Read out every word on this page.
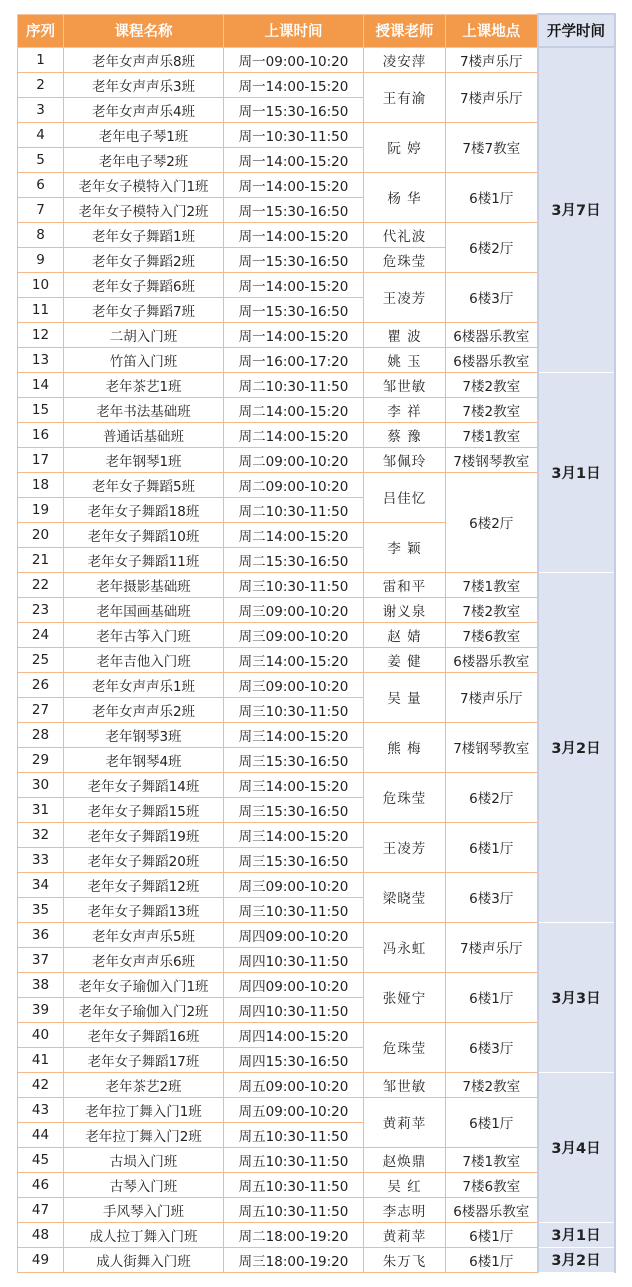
序列	课程名称	上课时间	授课老师	上课地点	开学时间
1	老年女声声乐8班	周一09:00-10:20	凌安萍	7楼声乐厅	3月7日
2	老年女声声乐3班	周一14:00-15:20	王有渝	7楼声乐厅	
3	老年女声声乐4班	周一15:30-16:50			
4	老年电子琴1班	周一10:30-11:50	阮 婷	7楼7教室	
5	老年电子琴2班	周一14:00-15:20			
6	老年女子模特入门1班	周一14:00-15:20	杨 华	6楼1厅	
7	老年女子模特入门2班	周一15:30-16:50			
8	老年女子舞蹈1班	周一14:00-15:20	代礼波	6楼2厅	
9	老年女子舞蹈2班	周一15:30-16:50	危珠莹		
10	老年女子舞蹈6班	周一14:00-15:20	王凌芳	6楼3厅	
11	老年女子舞蹈7班	周一15:30-16:50			
12	二胡入门班	周一14:00-15:20	瞿 波	6楼器乐教室	
13	竹笛入门班	周一16:00-17:20	姚 玉	6楼器乐教室	
14	老年茶艺1班	周二10:30-11:50	邹世敏	7楼2教室	3月1日
15	老年书法基础班	周二14:00-15:20	李 祥	7楼2教室	
16	普通话基础班	周二14:00-15:20	蔡 豫	7楼1教室	
17	老年钢琴1班	周二09:00-10:20	邹佩玲	7楼钢琴教室	
18	老年女子舞蹈5班	周二09:00-10:20	吕佳忆	6楼2厅	
19	老年女子舞蹈18班	周二10:30-11:50			
20	老年女子舞蹈10班	周二14:00-15:20	李 颖		
21	老年女子舞蹈11班	周二15:30-16:50			
22	老年摄影基础班	周三10:30-11:50	雷和平	7楼1教室	3月2日
23	老年国画基础班	周三09:00-10:20	谢义泉	7楼2教室	
24	老年古筝入门班	周三09:00-10:20	赵 婧	7楼6教室	
25	老年吉他入门班	周三14:00-15:20	姜 健	6楼器乐教室	
26	老年女声声乐1班	周三09:00-10:20	吴 量	7楼声乐厅	
27	老年女声声乐2班	周三10:30-11:50			
28	老年钢琴3班	周三14:00-15:20	熊 梅	7楼钢琴教室	
29	老年钢琴4班	周三15:30-16:50			
30	老年女子舞蹈14班	周三14:00-15:20	危珠莹	6楼2厅	
31	老年女子舞蹈15班	周三15:30-16:50			
32	老年女子舞蹈19班	周三14:00-15:20	王凌芳	6楼1厅	
33	老年女子舞蹈20班	周三15:30-16:50			
34	老年女子舞蹈12班	周三09:00-10:20	梁晓莹	6楼3厅	
35	老年女子舞蹈13班	周三10:30-11:50			
36	老年女声声乐5班	周四09:00-10:20	冯永虹	7楼声乐厅	3月3日
37	老年女声声乐6班	周四10:30-11:50			
38	老年女子瑜伽入门1班	周四09:00-10:20	张娅宁	6楼1厅	
39	老年女子瑜伽入门2班	周四10:30-11:50			
40	老年女子舞蹈16班	周四14:00-15:20	危珠莹	6楼3厅	
41	老年女子舞蹈17班	周四15:30-16:50			
42	老年茶艺2班	周五09:00-10:20	邹世敏	7楼2教室	3月4日
43	老年拉丁舞入门1班	周五09:00-10:20	黄莉苹	6楼1厅	
44	老年拉丁舞入门2班	周五10:30-11:50			
45	古埙入门班	周五10:30-11:50	赵焕鼎	7楼1教室	
46	古琴入门班	周五10:30-11:50	吴 红	7楼6教室	
47	手风琴入门班	周五10:30-11:50	李志明	6楼器乐教室	
48	成人拉丁舞入门班	周二18:00-19:20	黄莉苹	6楼1厅	3月1日
49	成人街舞入门班	周三18:00-19:20	朱万飞	6楼1厅	3月2日
